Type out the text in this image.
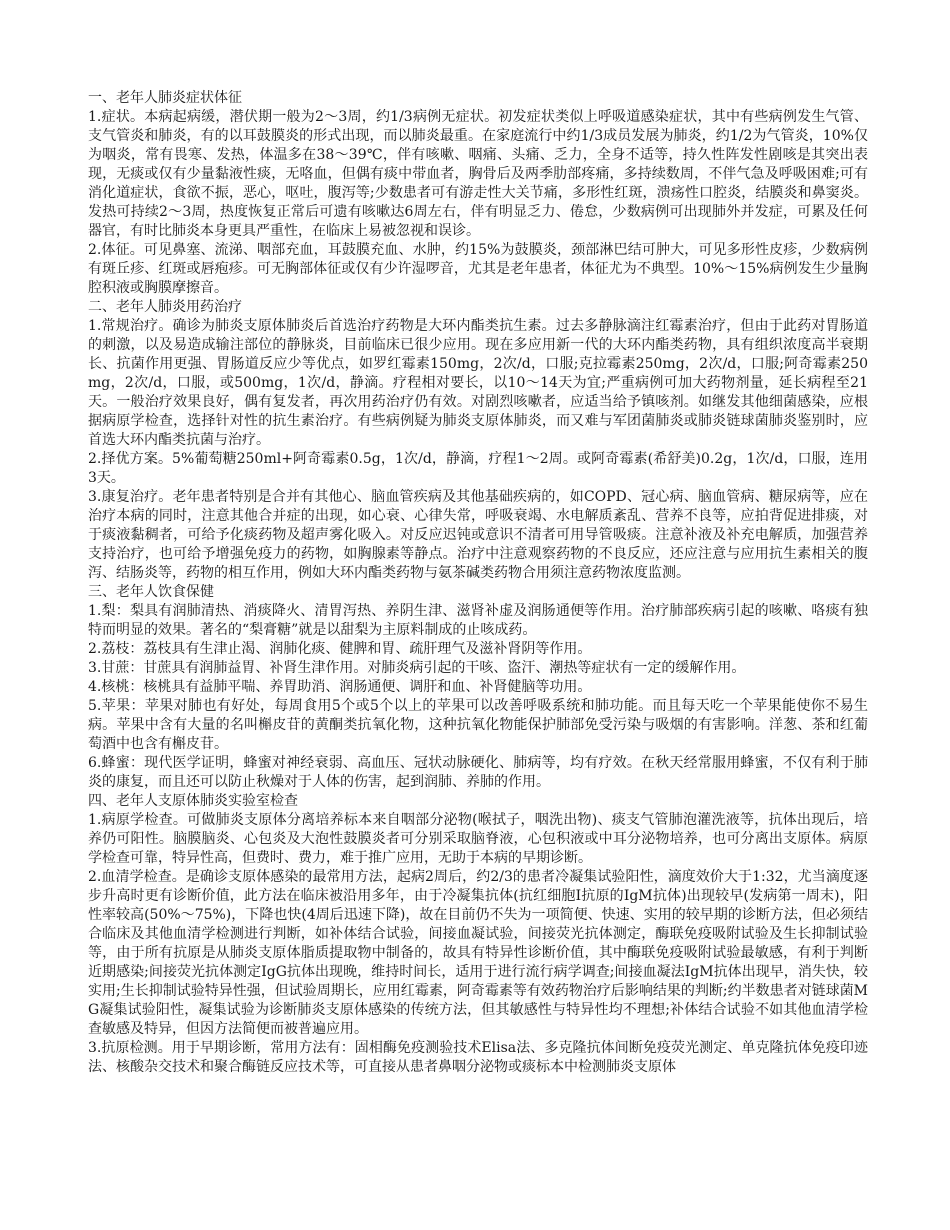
一、老年人肺炎症状体征

1.症状。本病起病缓，潜伏期一般为2～3周，约1/3病例无症状。初发症状类似上呼吸道感染症状，其中有些病例发生气管、支气管炎和肺炎，有的以耳鼓膜炎的形式出现，而以肺炎最重。在家庭流行中约1/3成员发展为肺炎，约1/2为气管炎，10%仅为咽炎，常有畏寒、发热，体温多在38～39℃，伴有咳嗽、咽痛、头痛、乏力，全身不适等，持久性阵发性剧咳是其突出表现，无痰或仅有少量黏液性痰，无咯血，但偶有痰中带血者，胸骨后及两季肋部疼痛，多持续数周，不伴气急及呼吸困难;可有消化道症状，食欲不振，恶心，呕吐，腹泻等;少数患者可有游走性大关节痛，多形性红斑，溃疡性口腔炎，结膜炎和鼻窦炎。发热可持续2～3周，热度恢复正常后可遗有咳嗽达6周左右，伴有明显乏力、倦怠，少数病例可出现肺外并发症，可累及任何器官，有时比肺炎本身更具严重性，在临床上易被忽视和误诊。

2.体征。可见鼻塞、流涕、咽部充血，耳鼓膜充血、水肿，约15%为鼓膜炎，颈部淋巴结可肿大，可见多形性皮疹，少数病例有斑丘疹、红斑或唇疱疹。可无胸部体征或仅有少许湿啰音，尤其是老年患者，体征尤为不典型。10%～15%病例发生少量胸腔积液或胸膜摩擦音。

二、老年人肺炎用药治疗

1.常规治疗。确诊为肺炎支原体肺炎后首选治疗药物是大环内酯类抗生素。过去多静脉滴注红霉素治疗，但由于此药对胃肠道的刺激，以及易造成输注部位的静脉炎，目前临床已很少应用。现在多应用新一代的大环内酯类药物，具有组织浓度高半衰期长、抗菌作用更强、胃肠道反应少等优点，如罗红霉素150mg，2次/d，口服;克拉霉素250mg，2次/d，口服;阿奇霉素250mg，2次/d，口服，或500mg，1次/d，静滴。疗程相对要长，以10～14天为宜;严重病例可加大药物剂量，延长病程至21天。一般治疗效果良好，偶有复发者，再次用药治疗仍有效。对剧烈咳嗽者，应适当给予镇咳剂。如继发其他细菌感染，应根据病原学检查，选择针对性的抗生素治疗。有些病例疑为肺炎支原体肺炎，而又难与军团菌肺炎或肺炎链球菌肺炎鉴别时，应首选大环内酯类抗菌与治疗。

2.择优方案。5%葡萄糖250ml+阿奇霉素0.5g，1次/d，静滴，疗程1～2周。或阿奇霉素(希舒美)0.2g，1次/d，口服，连用3天。

3.康复治疗。老年患者特别是合并有其他心、脑血管疾病及其他基础疾病的，如COPD、冠心病、脑血管病、糖尿病等，应在治疗本病的同时，注意其他合并症的出现，如心衰、心律失常，呼吸衰竭、水电解质紊乱、营养不良等，应拍背促进排痰，对于痰液黏稠者，可给予化痰药物及超声雾化吸入。对反应迟钝或意识不清者可用导管吸痰。注意补液及补充电解质，加强营养支持治疗，也可给予增强免疫力的药物，如胸腺素等静点。治疗中注意观察药物的不良反应，还应注意与应用抗生素相关的腹泻、结肠炎等，药物的相互作用，例如大环内酯类药物与氨茶碱类药物合用须注意药物浓度监测。

三、老年人饮食保健

1.梨：梨具有润肺清热、消痰降火、清胃泻热、养阴生津、滋肾补虚及润肠通便等作用。治疗肺部疾病引起的咳嗽、咯痰有独特而明显的效果。著名的“梨膏糖”就是以甜梨为主原料制成的止咳成药。

2.荔枝：荔枝具有生津止渴、润肺化痰、健脾和胃、疏肝理气及滋补肾阴等作用。

3.甘蔗：甘蔗具有润肺益胃、补肾生津作用。对肺炎病引起的干咳、盗汗、潮热等症状有一定的缓解作用。

4.核桃：核桃具有益肺平喘、养胃助消、润肠通便、调肝和血、补肾健脑等功用。

5.苹果：苹果对肺也有好处，每周食用5个或5个以上的苹果可以改善呼吸系统和肺功能。而且每天吃一个苹果能使你不易生病。苹果中含有大量的名叫槲皮苷的黄酮类抗氧化物，这种抗氧化物能保护肺部免受污染与吸烟的有害影响。洋葱、茶和红葡萄酒中也含有槲皮苷。

6.蜂蜜：现代医学证明，蜂蜜对神经衰弱、高血压、冠状动脉硬化、肺病等，均有疗效。在秋天经常服用蜂蜜，不仅有利于肺炎的康复，而且还可以防止秋燥对于人体的伤害，起到润肺、养肺的作用。

四、老年人支原体肺炎实验室检查

1.病原学检查。可做肺炎支原体分离培养标本来自咽部分泌物(喉拭子，咽洗出物)、痰支气管肺泡灌洗液等，抗体出现后，培养仍可阳性。脑膜脑炎、心包炎及大泡性鼓膜炎者可分别采取脑脊液，心包积液或中耳分泌物培养，也可分离出支原体。病原学检查可靠，特异性高，但费时、费力，难于推广应用，无助于本病的早期诊断。

2.血清学检查。是确诊支原体感染的最常用方法，起病2周后，约2/3的患者冷凝集试验阳性，滴度效价大于1:32，尤当滴度逐步升高时更有诊断价值，此方法在临床被沿用多年，由于冷凝集抗体(抗红细胞Ⅰ抗原的IgM抗体)出现较早(发病第一周末)，阳性率较高(50%～75%)，下降也快(4周后迅速下降)，故在目前仍不失为一项简便、快速、实用的较早期的诊断方法，但必须结合临床及其他血清学检测进行判断，如补体结合试验，间接血凝试验，间接荧光抗体测定，酶联免疫吸附试验及生长抑制试验等，由于所有抗原是从肺炎支原体脂质提取物中制备的，故具有特异性诊断价值，其中酶联免疫吸附试验最敏感，有利于判断近期感染;间接荧光抗体测定IgG抗体出现晚，维持时间长，适用于进行流行病学调查;间接血凝法IgM抗体出现早，消失快，较实用;生长抑制试验特异性强，但试验周期长，应用红霉素，阿奇霉素等有效药物治疗后影响结果的判断;约半数患者对链球菌MG凝集试验阳性，凝集试验为诊断肺炎支原体感染的传统方法，但其敏感性与特异性均不理想;补体结合试验不如其他血清学检查敏感及特异，但因方法简便而被普遍应用。

3.抗原检测。用于早期诊断，常用方法有：固相酶免疫测验技术Elisa法、多克隆抗体间断免疫荧光测定、单克隆抗体免疫印迹法、核酸杂交技术和聚合酶链反应技术等，可直接从患者鼻咽分泌物或痰标本中检测肺炎支原体
